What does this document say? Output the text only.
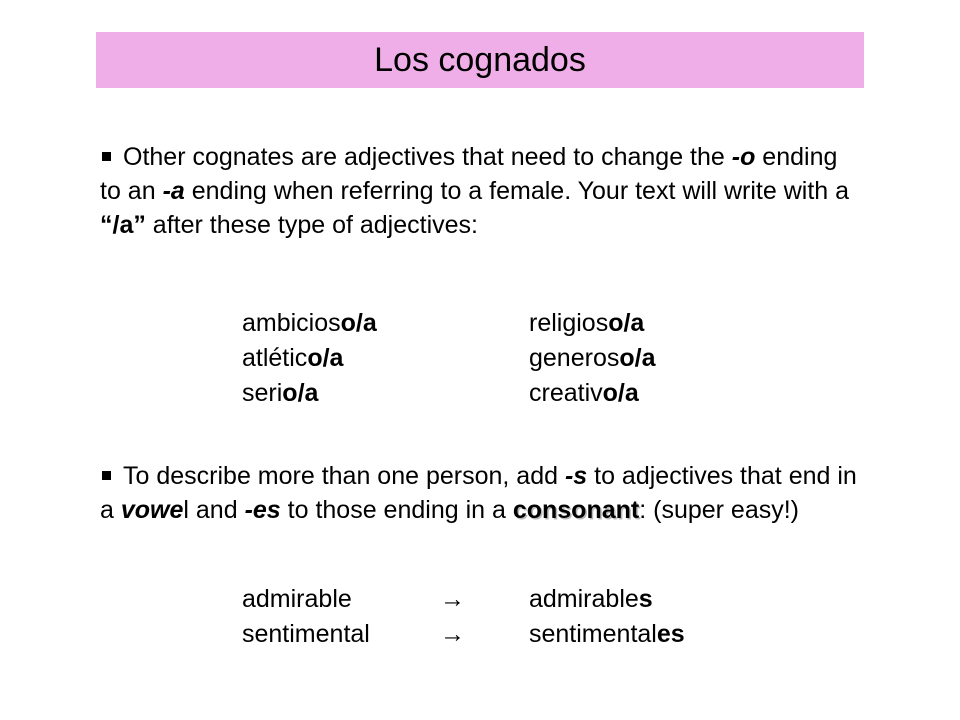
Los cognados
Other cognates are adjectives that need to change the -o ending to an -a ending when referring to a female. Your text will write with a “/a” after these type of adjectives:
ambicioso/a
atlético/a
serio/a
religioso/a
generoso/a
creativo/a
To describe more than one person, add -s to adjectives that end in a vowel and -es to those ending in a consonant: (super easy!)
admirable
sentimental
→
→
admirables
sentimentales
